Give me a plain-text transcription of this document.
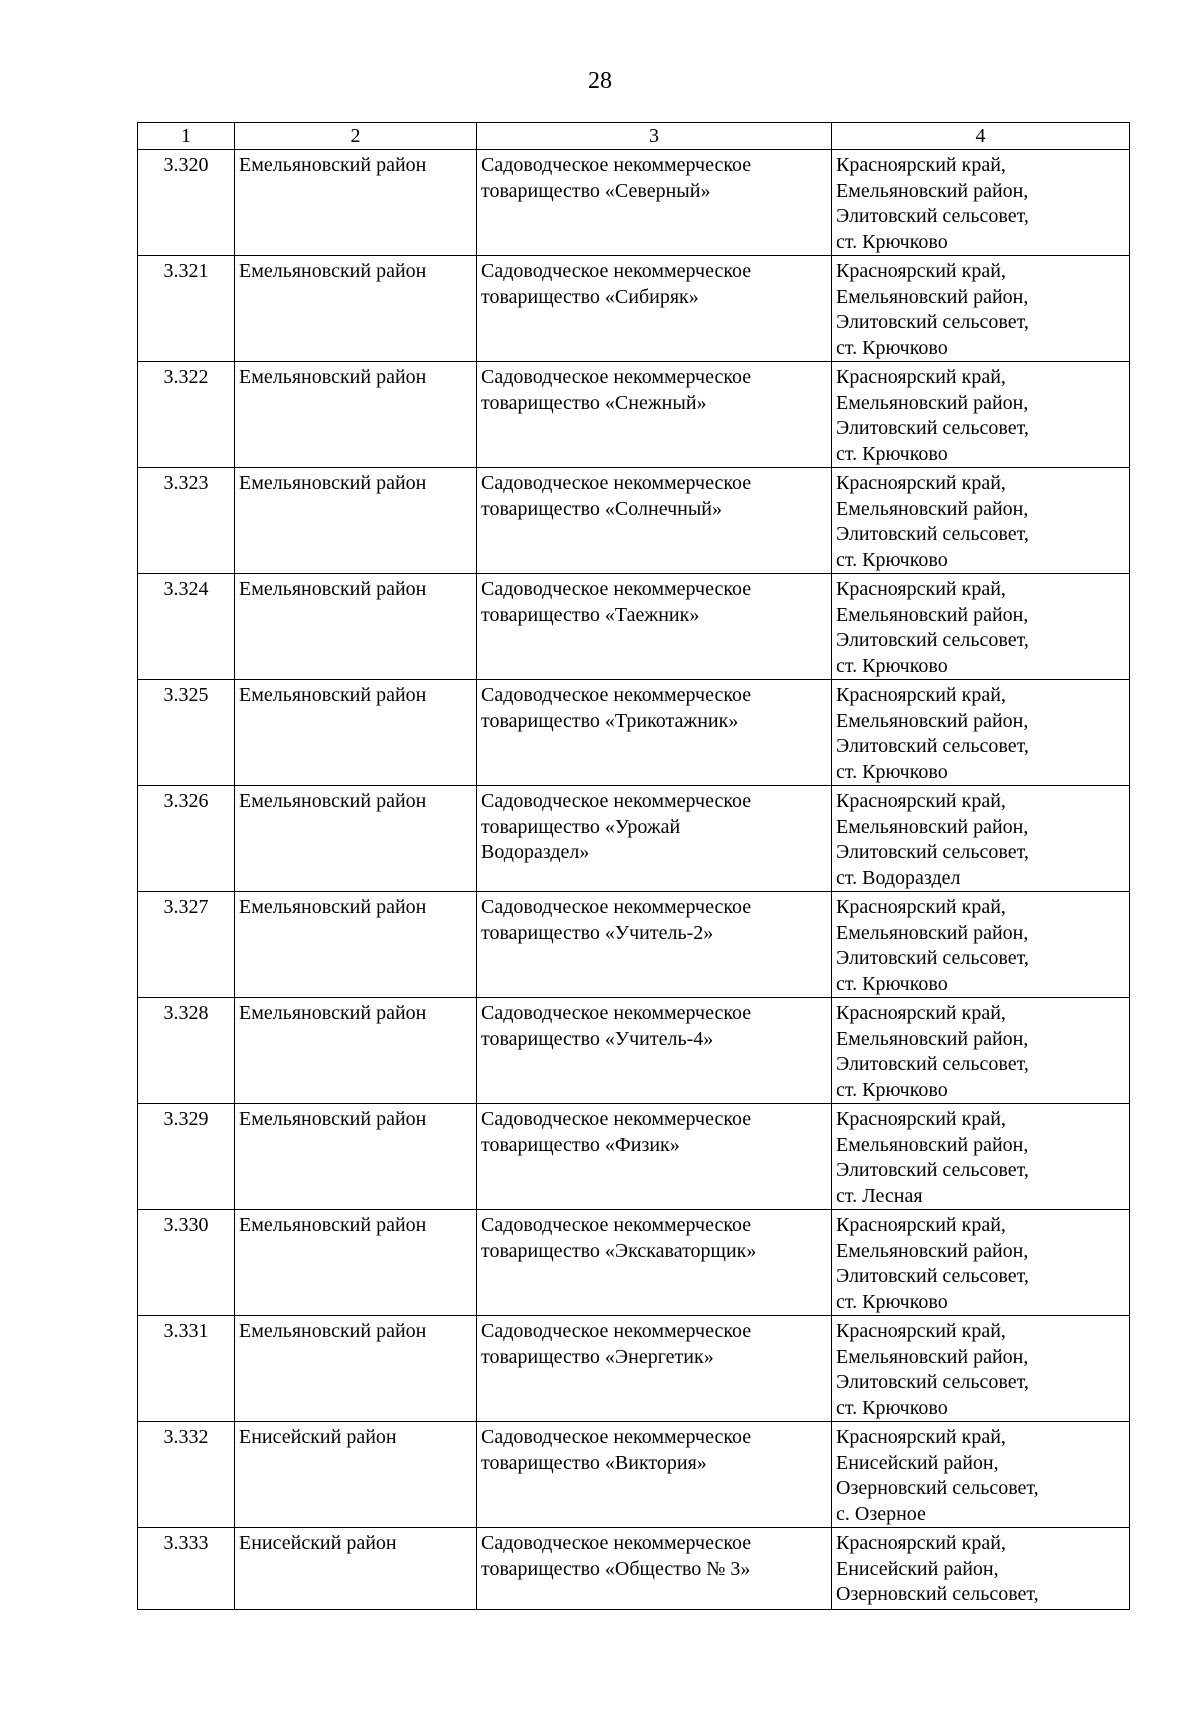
28
1	2	3	4
3.320	Емельяновский район	Садоводческое некоммерческое
товарищество «Северный»	Красноярский край,
Емельяновский район,
Элитовский сельсовет,
ст. Крючково

3.321	Емельяновский район	Садоводческое некоммерческое
товарищество «Сибиряк»	Красноярский край,
Емельяновский район,
Элитовский сельсовет,
ст. Крючково

3.322	Емельяновский район	Садоводческое некоммерческое
товарищество «Снежный»	Красноярский край,
Емельяновский район,
Элитовский сельсовет,
ст. Крючково

3.323	Емельяновский район	Садоводческое некоммерческое
товарищество «Солнечный»	Красноярский край,
Емельяновский район,
Элитовский сельсовет,
ст. Крючково

3.324	Емельяновский район	Садоводческое некоммерческое
товарищество «Таежник»	Красноярский край,
Емельяновский район,
Элитовский сельсовет,
ст. Крючково

3.325	Емельяновский район	Садоводческое некоммерческое
товарищество «Трикотажник»	Красноярский край,
Емельяновский район,
Элитовский сельсовет,
ст. Крючково

3.326	Емельяновский район	Садоводческое некоммерческое
товарищество «Урожай
Водораздел»	Красноярский край,
Емельяновский район,
Элитовский сельсовет,
ст. Водораздел

3.327	Емельяновский район	Садоводческое некоммерческое
товарищество «Учитель-2»	Красноярский край,
Емельяновский район,
Элитовский сельсовет,
ст. Крючково

3.328	Емельяновский район	Садоводческое некоммерческое
товарищество «Учитель-4»	Красноярский край,
Емельяновский район,
Элитовский сельсовет,
ст. Крючково

3.329	Емельяновский район	Садоводческое некоммерческое
товарищество «Физик»	Красноярский край,
Емельяновский район,
Элитовский сельсовет,
ст. Лесная

3.330	Емельяновский район	Садоводческое некоммерческое
товарищество «Экскаваторщик»	Красноярский край,
Емельяновский район,
Элитовский сельсовет,
ст. Крючково

3.331	Емельяновский район	Садоводческое некоммерческое
товарищество «Энергетик»	Красноярский край,
Емельяновский район,
Элитовский сельсовет,
ст. Крючково

3.332	Енисейский район	Садоводческое некоммерческое
товарищество «Виктория»	Красноярский край,
Енисейский район,
Озерновский сельсовет,
с. Озерное

3.333	Енисейский район	Садоводческое некоммерческое
товарищество «Общество № 3»	Красноярский край,
Енисейский район,
Озерновский сельсовет,
